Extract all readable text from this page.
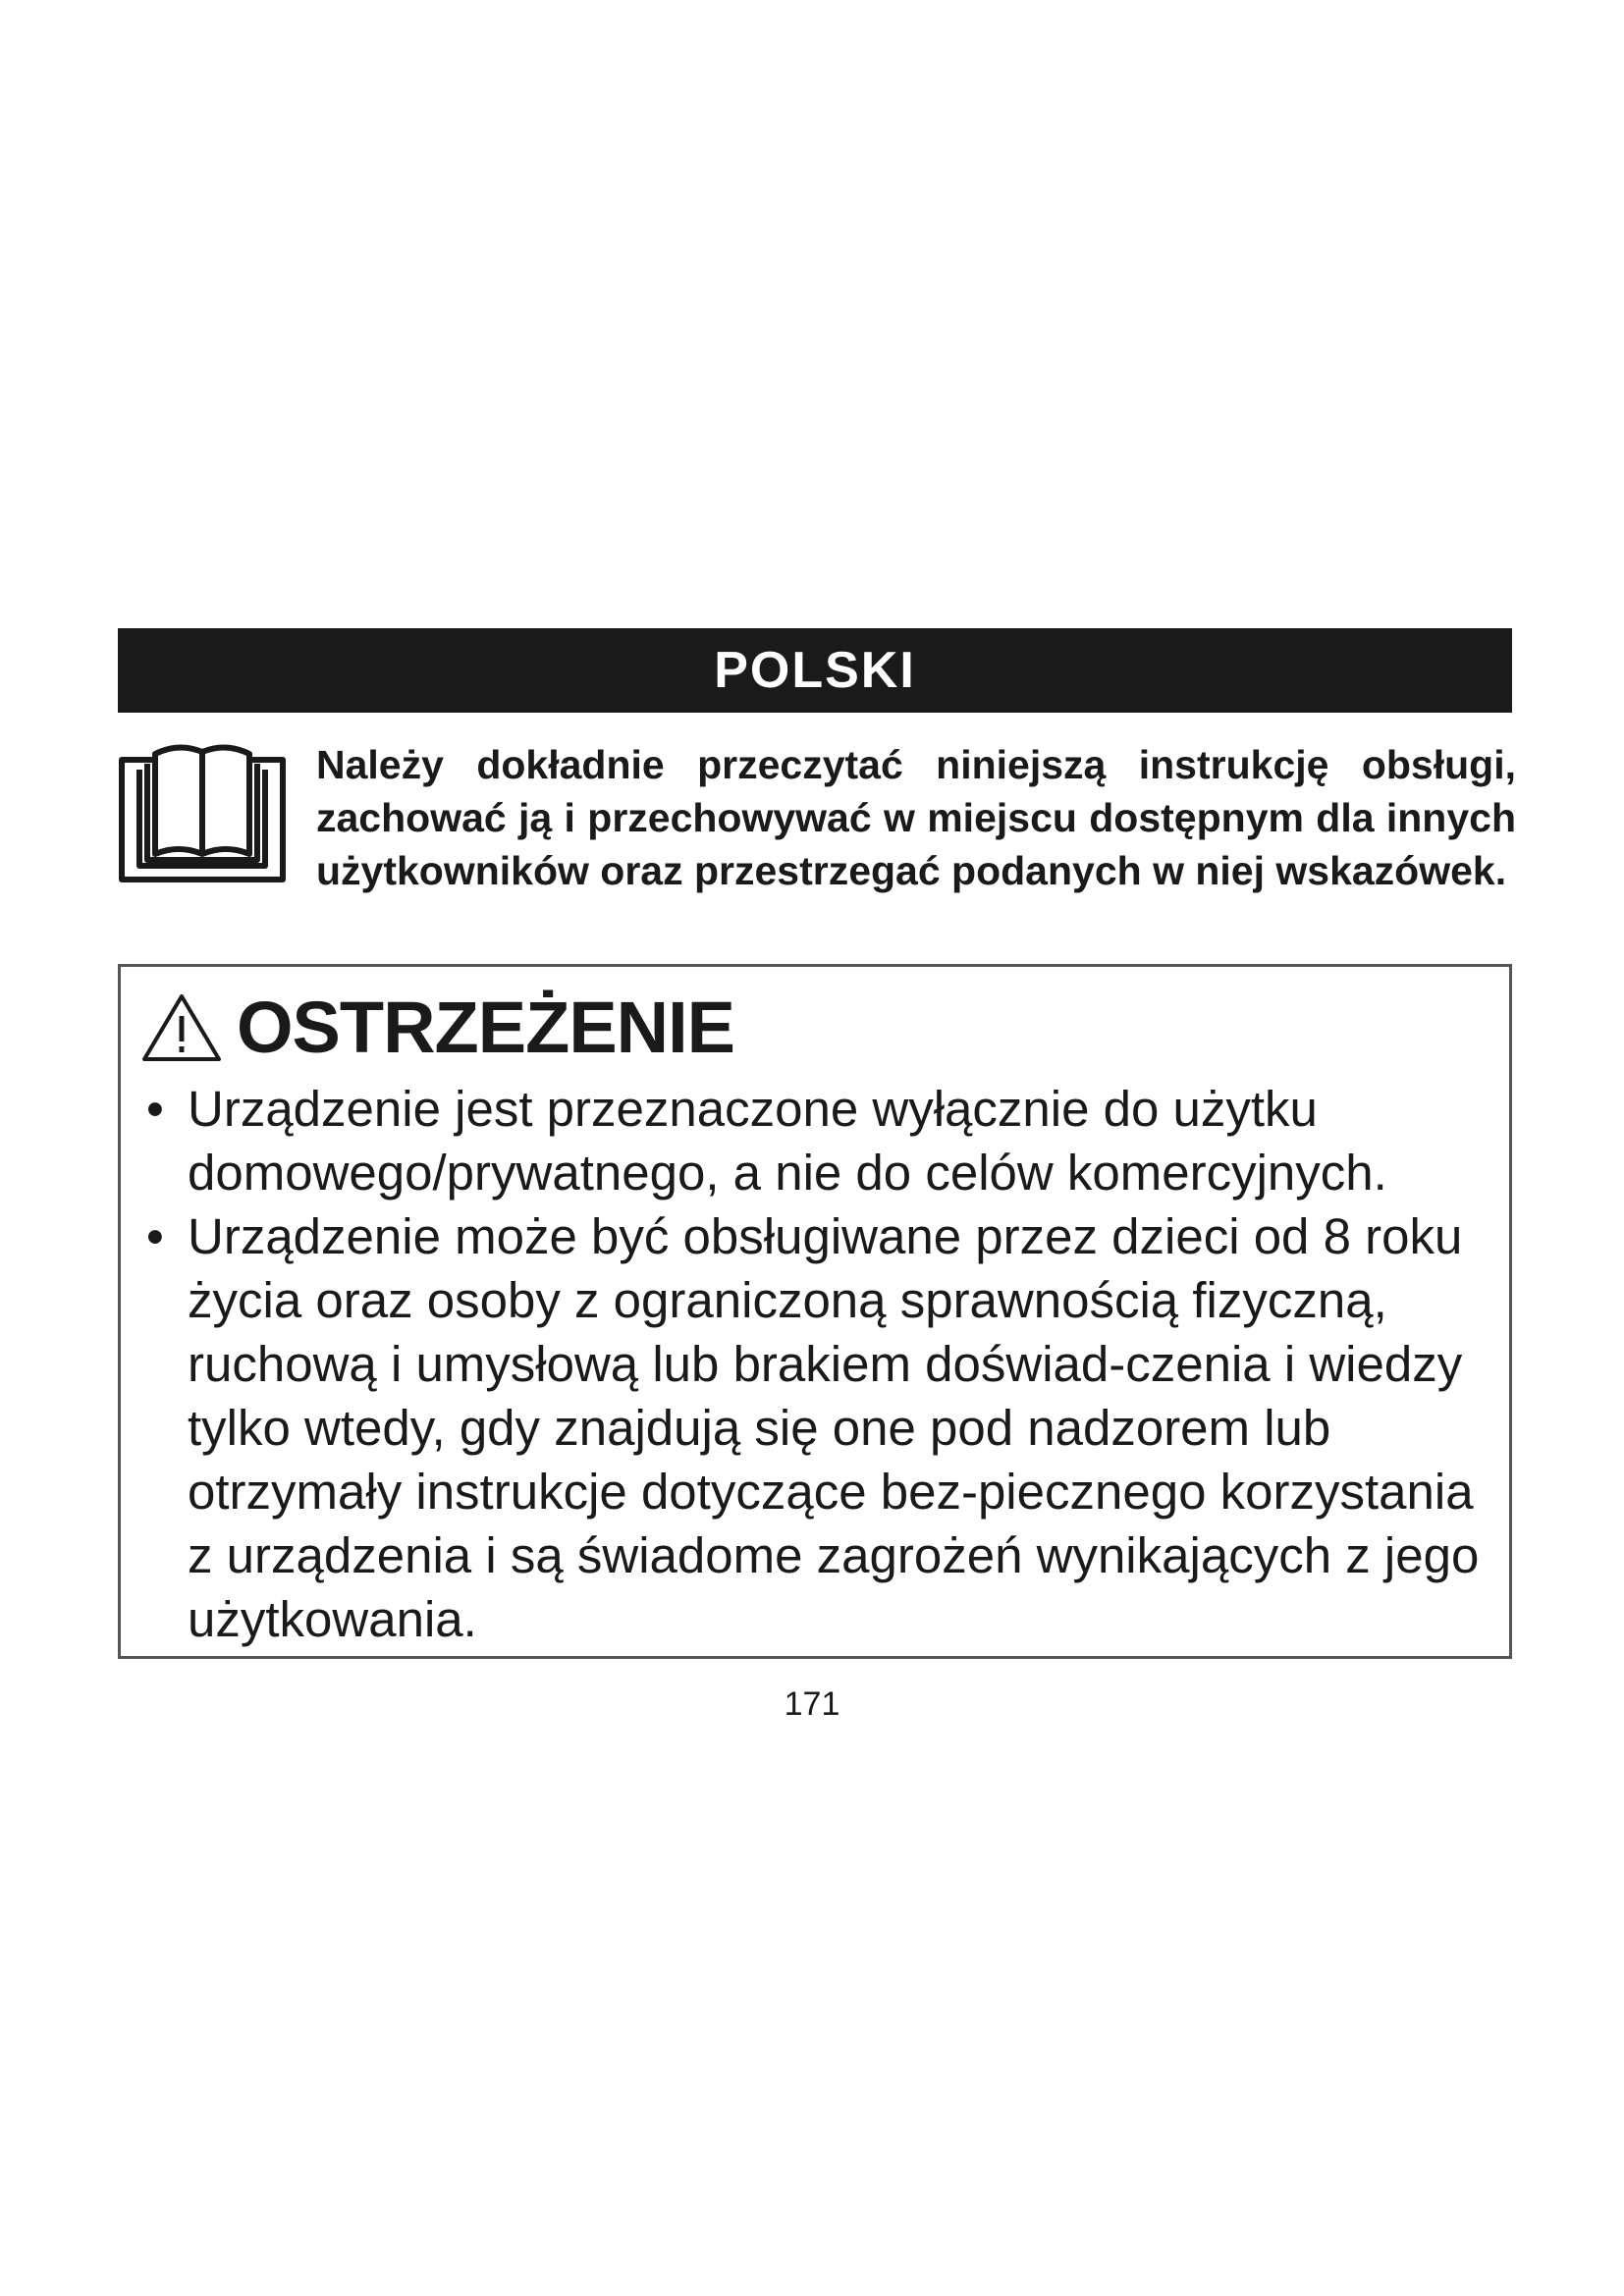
POLSKI

Należy dokładnie przeczytać niniejszą instrukcję obsługi, zachować ją i przechowywać w miejscu dostępnym dla innych użytkowników oraz przestrzegać podanych w niej wskazówek.

OSTRZEŻENIE
• Urządzenie jest przeznaczone wyłącznie do użytku domowego/prywatnego, a nie do celów komercyjnych.
• Urządzenie może być obsługiwane przez dzieci od 8 roku życia oraz osoby z ograniczoną sprawnością fizyczną, ruchową i umysłową lub brakiem doświad-czenia i wiedzy tylko wtedy, gdy znajdują się one pod nadzorem lub otrzymały instrukcje dotyczące bez-piecznego korzystania z urządzenia i są świadome zagrożeń wynikających z jego użytkowania.
171
